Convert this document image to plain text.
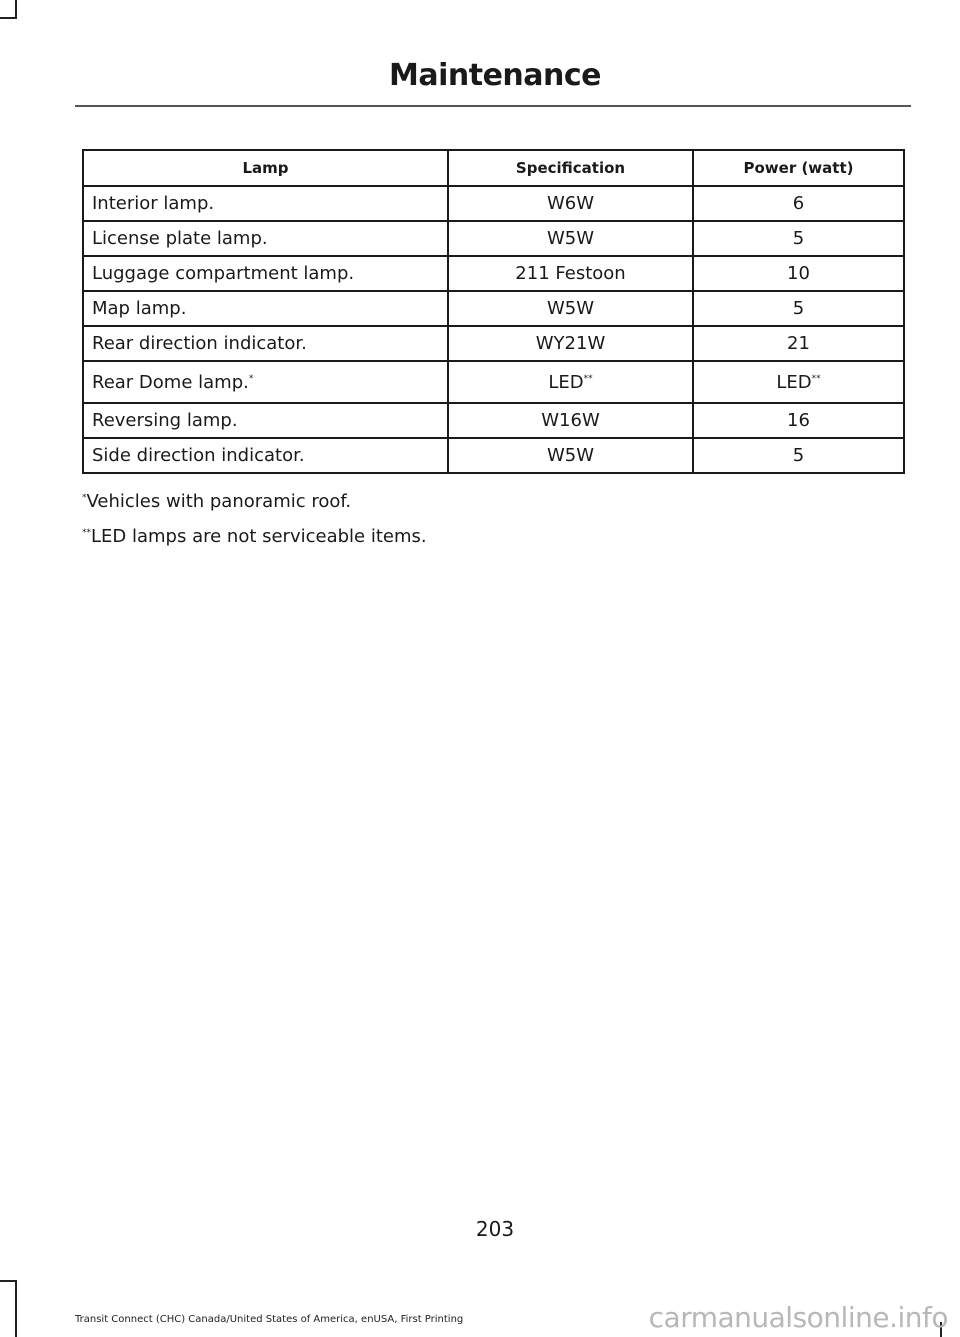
Maintenance
Lamp	Specification	Power (watt)
Interior lamp.	W6W	6
License plate lamp.	W5W	5
Luggage compartment lamp.	211 Festoon	10
Map lamp.	W5W	5
Rear direction indicator.	WY21W	21
Rear Dome lamp.*	LED**	LED**
Reversing lamp.	W16W	16
Side direction indicator.	W5W	5

*Vehicles with panoramic roof.

**LED lamps are not serviceable items.

203
Transit Connect (CHC) Canada/United States of America, enUSA, First Printing	carmanualsonline.info
